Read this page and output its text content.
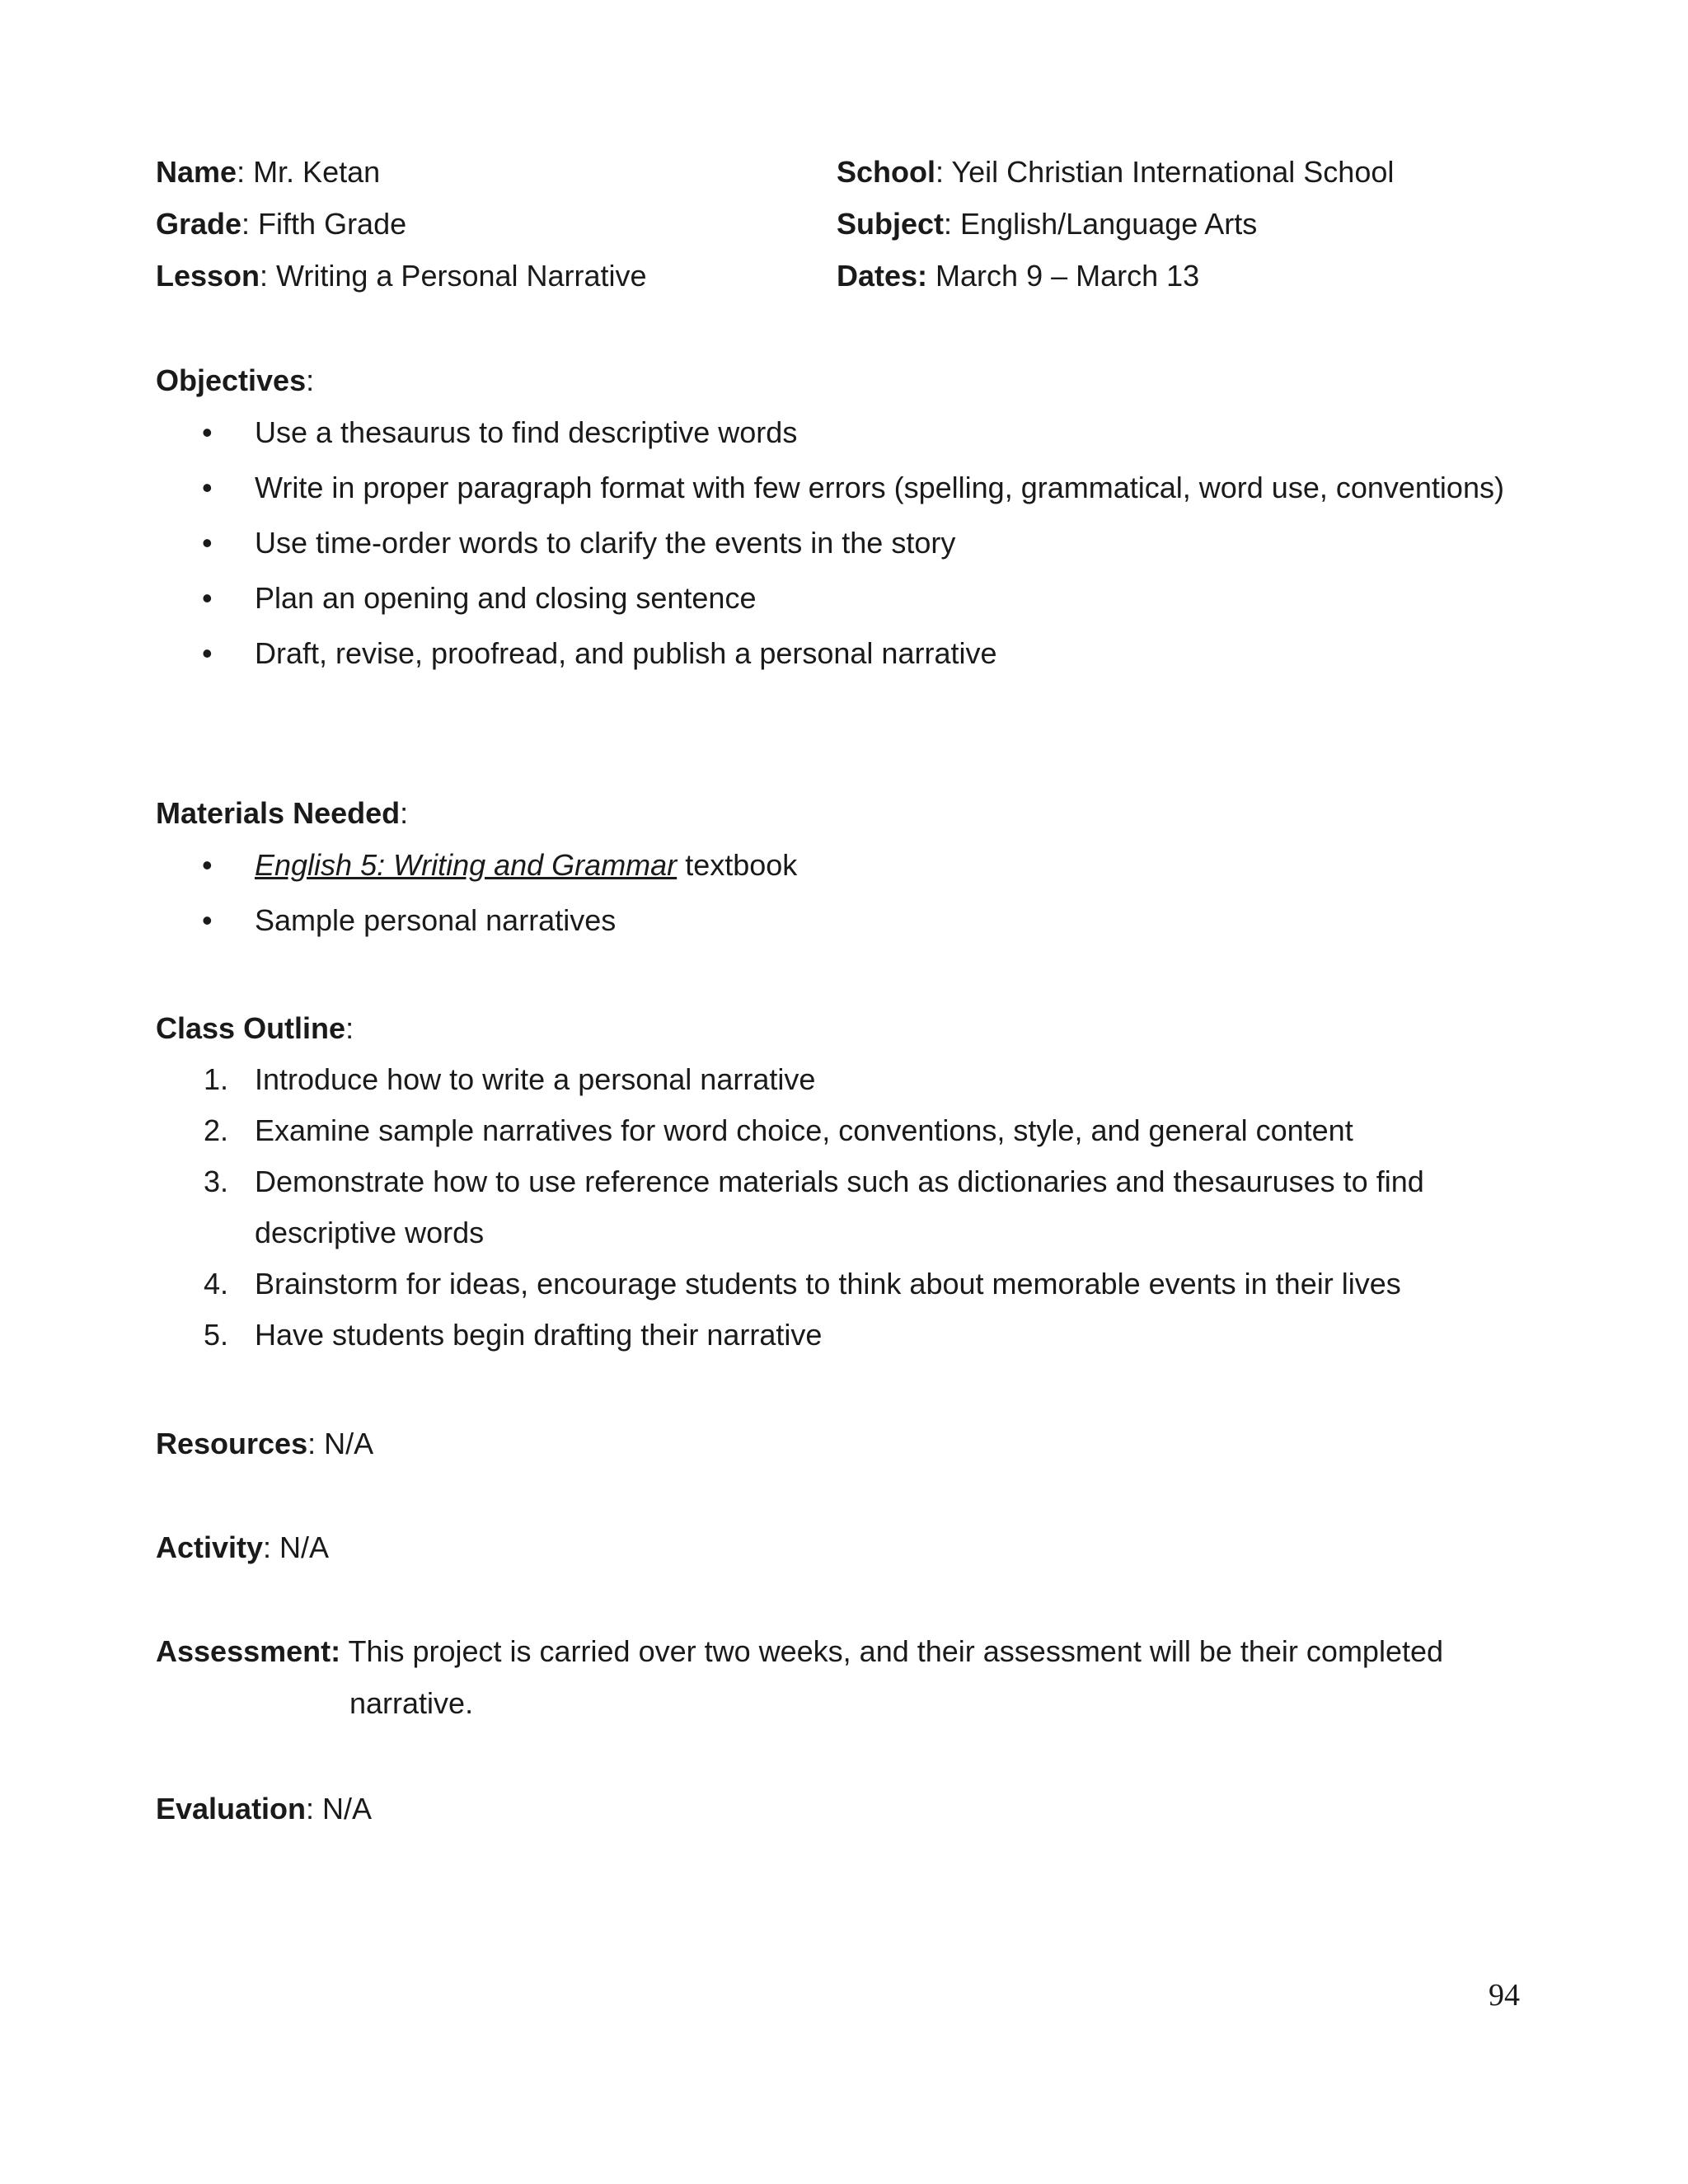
Name: Mr. Ketan	School: Yeil Christian International School
Grade: Fifth Grade	Subject: English/Language Arts
Lesson: Writing a Personal Narrative	Dates: March 9 – March 13
Objectives:
• Use a thesaurus to find descriptive words
• Write in proper paragraph format with few errors (spelling, grammatical, word use, conventions)
• Use time-order words to clarify the events in the story
• Plan an opening and closing sentence
• Draft, revise, proofread, and publish a personal narrative
Materials Needed:
• English 5: Writing and Grammar textbook
• Sample personal narratives
Class Outline:
1. Introduce how to write a personal narrative
2. Examine sample narratives for word choice, conventions, style, and general content
3. Demonstrate how to use reference materials such as dictionaries and thesauruses to find descriptive words
4. Brainstorm for ideas, encourage students to think about memorable events in their lives
5. Have students begin drafting their narrative
Resources: N/A
Activity: N/A
Assessment: This project is carried over two weeks, and their assessment will be their completed
narrative.
Evaluation: N/A
94
